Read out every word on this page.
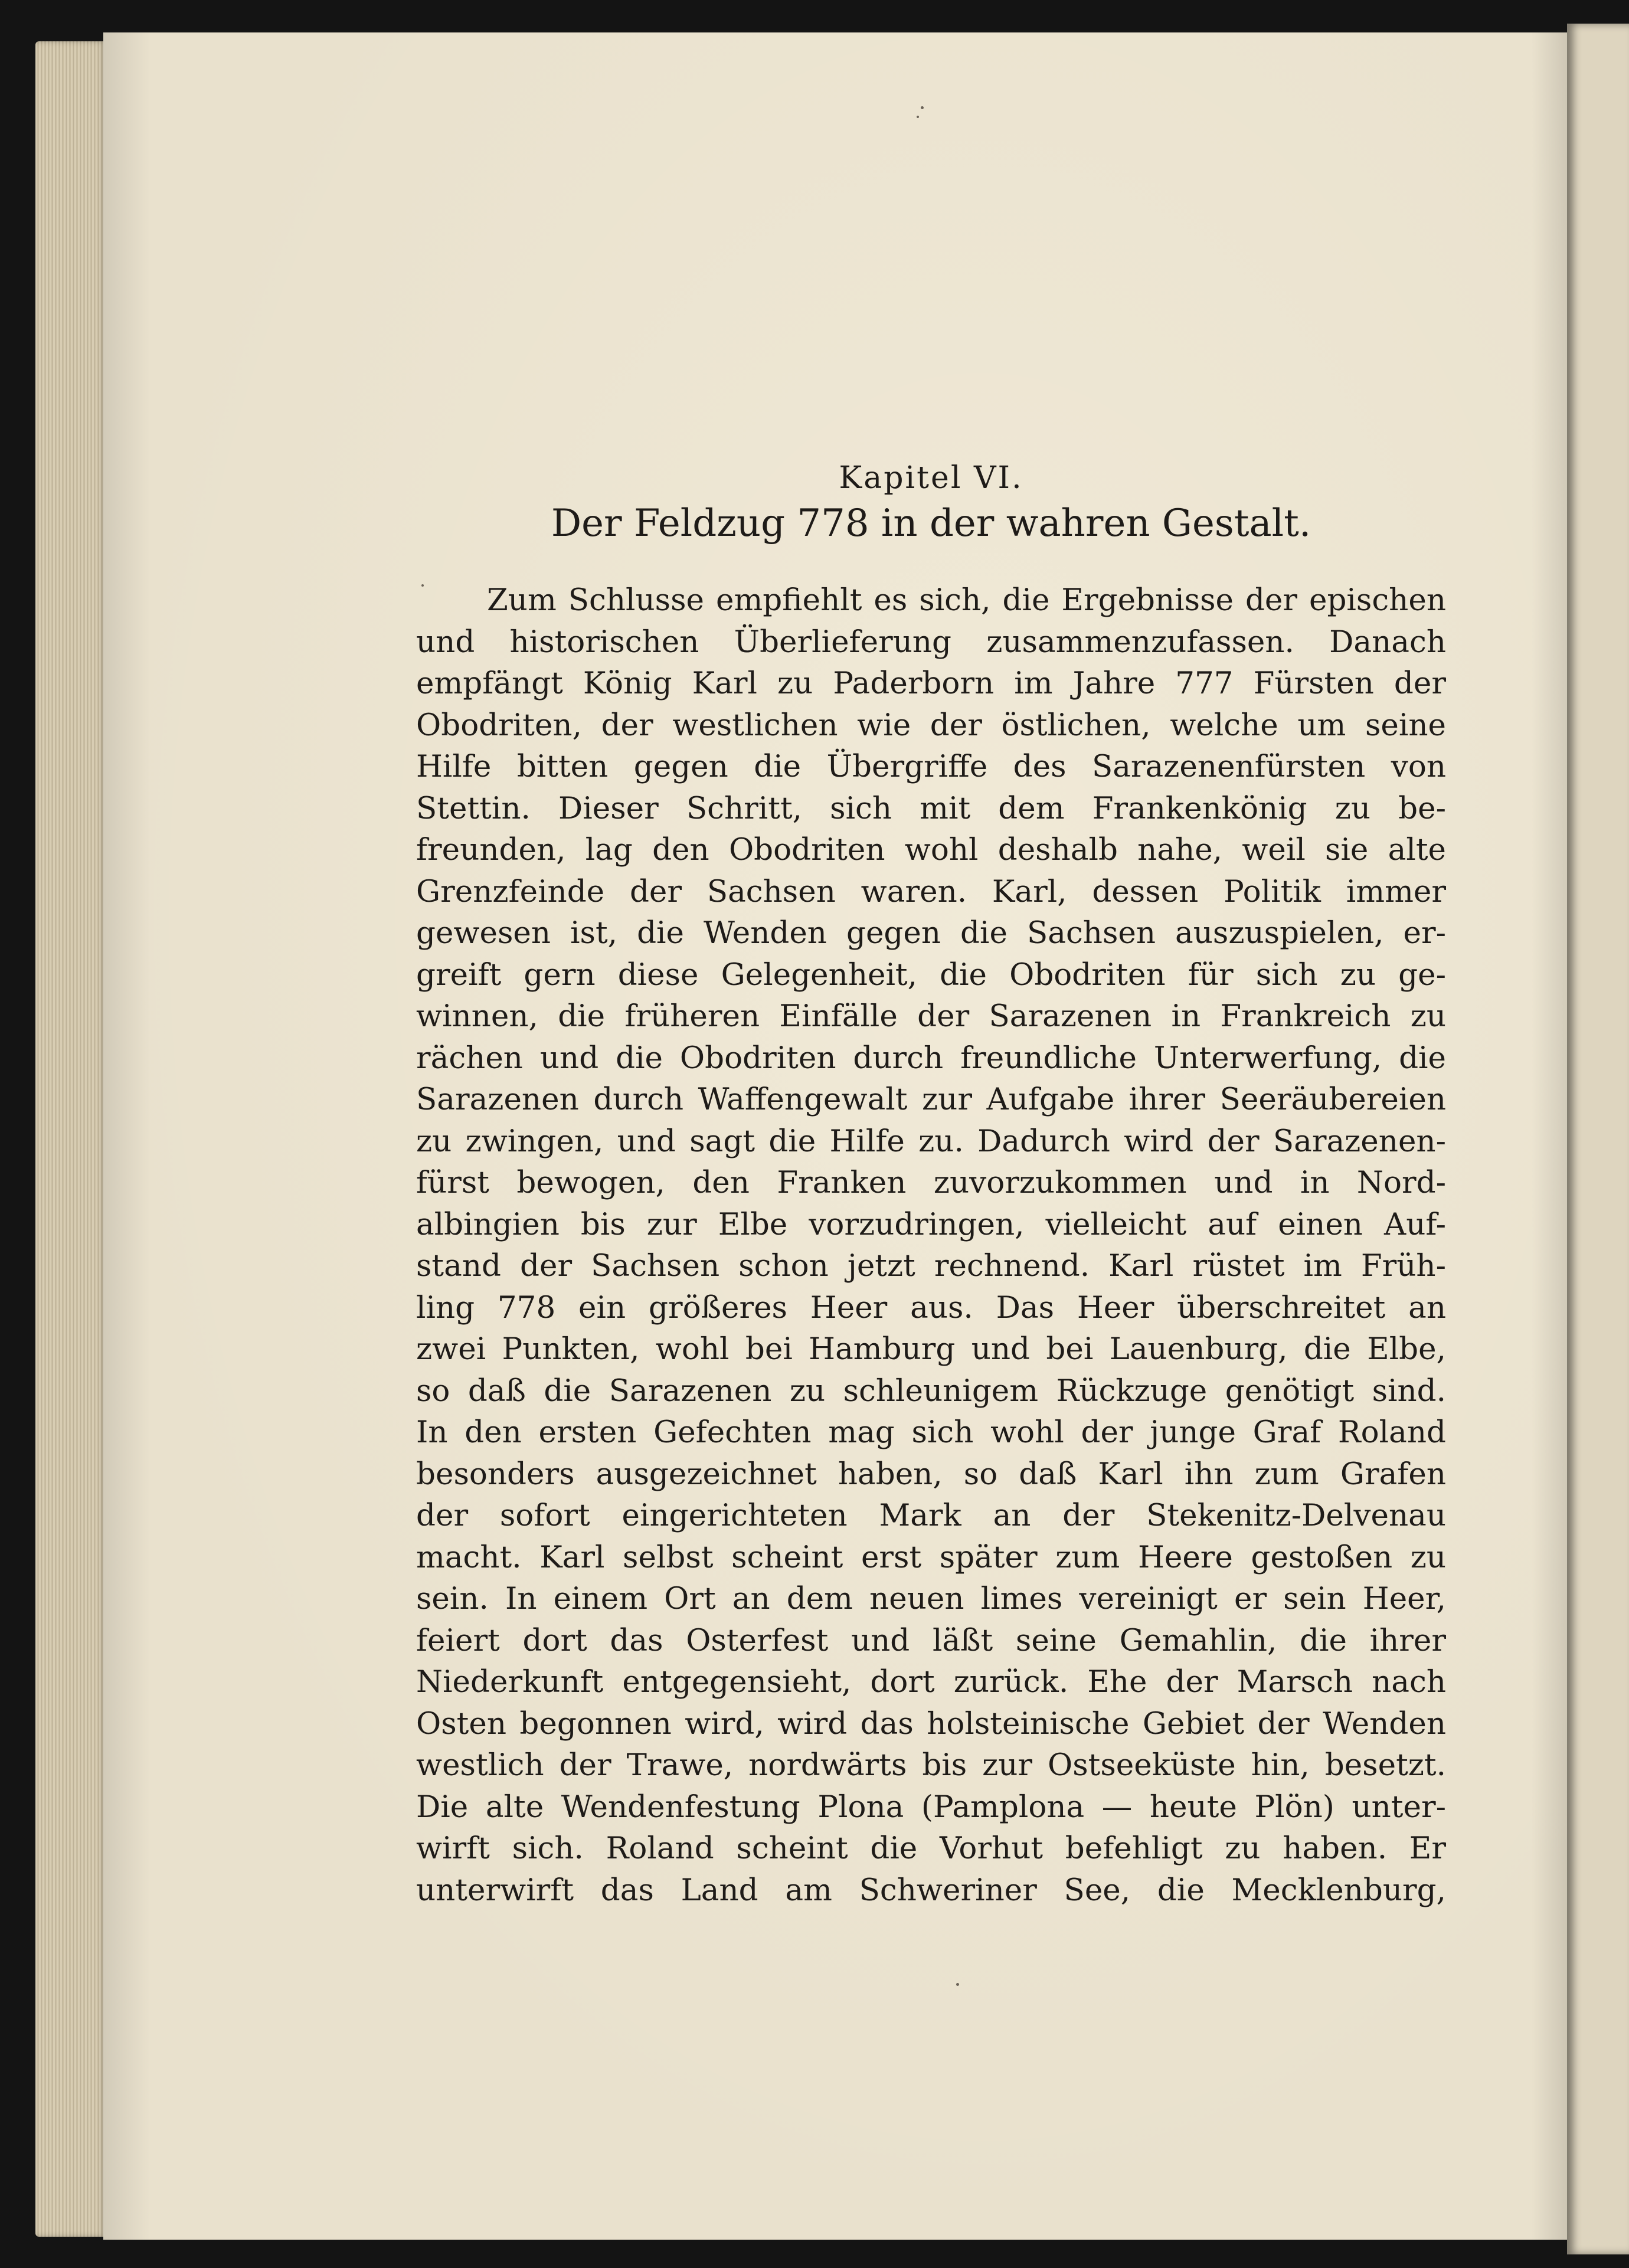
Kapitel VI.
Der Feldzug 778 in der wahren Gestalt.
Zum Schlusse empfiehlt es sich, die Ergebnisse der epischen
und historischen Überlieferung zusammenzufassen. Danach
empfängt König Karl zu Paderborn im Jahre 777 Fürsten der
Obodriten, der westlichen wie der östlichen, welche um seine
Hilfe bitten gegen die Übergriffe des Sarazenenfürsten von
Stettin. Dieser Schritt, sich mit dem Frankenkönig zu be-
freunden, lag den Obodriten wohl deshalb nahe, weil sie alte
Grenzfeinde der Sachsen waren. Karl, dessen Politik immer
gewesen ist, die Wenden gegen die Sachsen auszuspielen, er-
greift gern diese Gelegenheit, die Obodriten für sich zu ge-
winnen, die früheren Einfälle der Sarazenen in Frankreich zu
rächen und die Obodriten durch freundliche Unterwerfung, die
Sarazenen durch Waffengewalt zur Aufgabe ihrer Seeräubereien
zu zwingen, und sagt die Hilfe zu. Dadurch wird der Sarazenen-
fürst bewogen, den Franken zuvorzukommen und in Nord-
albingien bis zur Elbe vorzudringen, vielleicht auf einen Auf-
stand der Sachsen schon jetzt rechnend. Karl rüstet im Früh-
ling 778 ein größeres Heer aus. Das Heer überschreitet an
zwei Punkten, wohl bei Hamburg und bei Lauenburg, die Elbe,
so daß die Sarazenen zu schleunigem Rückzuge genötigt sind.
In den ersten Gefechten mag sich wohl der junge Graf Roland
besonders ausgezeichnet haben, so daß Karl ihn zum Grafen
der sofort eingerichteten Mark an der Stekenitz-Delvenau
macht. Karl selbst scheint erst später zum Heere gestoßen zu
sein. In einem Ort an dem neuen limes vereinigt er sein Heer,
feiert dort das Osterfest und läßt seine Gemahlin, die ihrer
Niederkunft entgegensieht, dort zurück. Ehe der Marsch nach
Osten begonnen wird, wird das holsteinische Gebiet der Wenden
westlich der Trawe, nordwärts bis zur Ostseeküste hin, besetzt.
Die alte Wendenfestung Plona (Pamplona — heute Plön) unter-
wirft sich. Roland scheint die Vorhut befehligt zu haben. Er
unterwirft das Land am Schweriner See, die Mecklenburg,
